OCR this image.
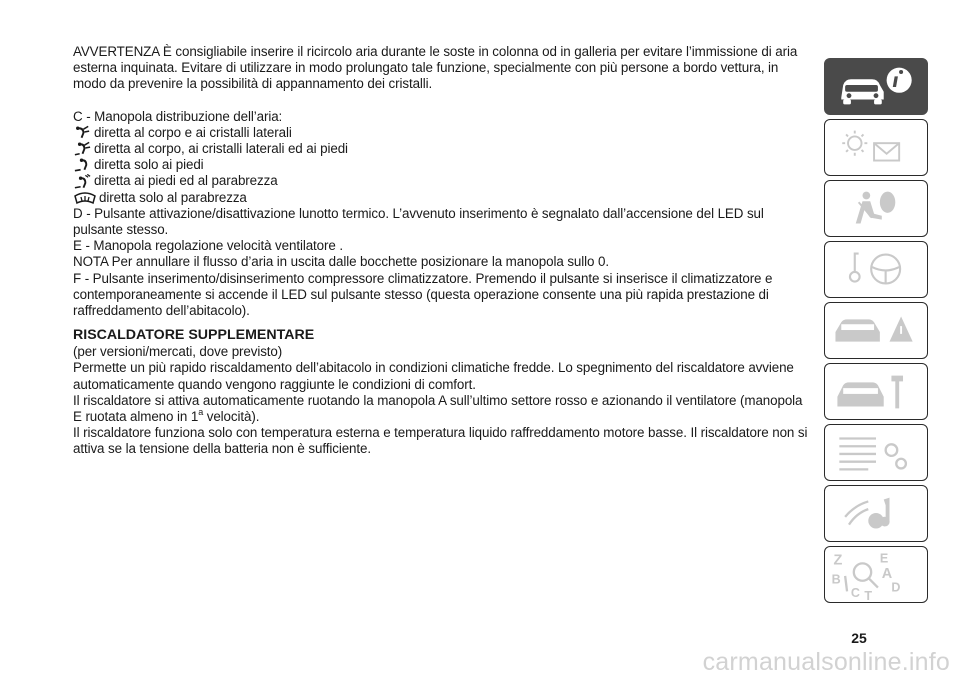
AVVERTENZA È consigliabile inserire il ricircolo aria durante le soste in colonna od in galleria per evitare l’immissione di aria esterna inquinata. Evitare di utilizzare in modo prolungato tale funzione, specialmente con più persone a bordo vettura, in modo da prevenire la possibilità di appannamento dei cristalli.

C - Manopola distribuzione dell’aria:

diretta al corpo e ai cristalli laterali
diretta al corpo, ai cristalli laterali ed ai piedi
diretta solo ai piedi
diretta ai piedi ed al parabrezza
diretta solo al parabrezza

D - Pulsante attivazione/disattivazione lunotto termico. L’avvenuto inserimento è segnalato dall’accensione del LED sul pulsante stesso.

E - Manopola regolazione velocità ventilatore .

NOTA Per annullare il flusso d’aria in uscita dalle bocchette posizionare la manopola sullo 0.

F - Pulsante inserimento/disinserimento compressore climatizzatore. Premendo il pulsante si inserisce il climatizzatore e contemporaneamente si accende il LED sul pulsante stesso (questa operazione consente una più rapida prestazione di raffreddamento dell’abitacolo).

RISCALDATORE SUPPLEMENTARE

(per versioni/mercati, dove previsto)

Permette un più rapido riscaldamento dell’abitacolo in condizioni climatiche fredde. Lo spegnimento del riscaldatore avviene automaticamente quando vengono raggiunte le condizioni di comfort.

Il riscaldatore si attiva automaticamente ruotando la manopola A sull’ultimo settore rosso e azionando il ventilatore (manopola E ruotata almeno in 1$^a$ velocità).

Il riscaldatore funziona solo con temperatura esterna e temperatura liquido raffreddamento motore basse. Il riscaldatore non si attiva se la tensione della batteria non è sufficiente.

Z	E
B	A
C T
D
25
carmanualsonline.info
